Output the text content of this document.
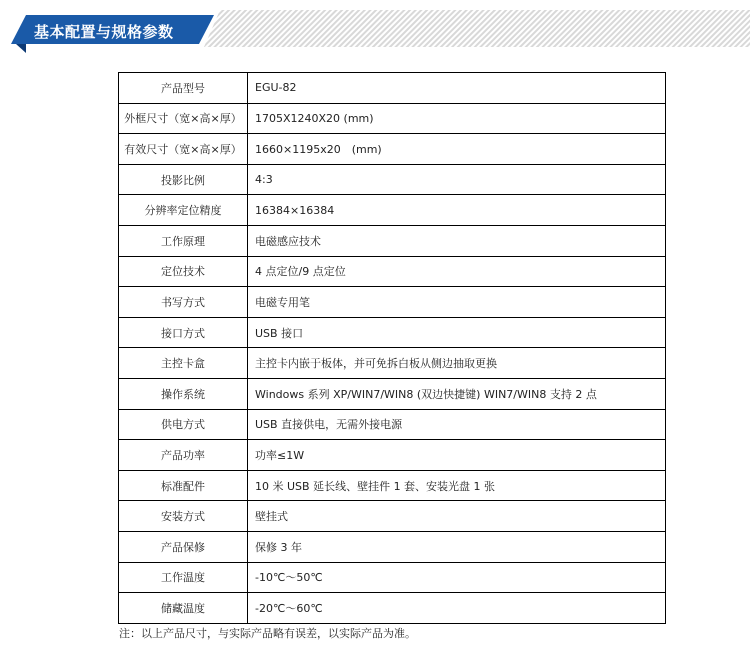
基本配置与规格参数
产品型号	EGU-82
外框尺寸（宽×高×厚）	1705X1240X20 (mm)
有效尺寸（宽×高×厚）	1660×1195x20　(mm)
投影比例	4:3
分辨率定位精度	16384×16384
工作原理	电磁感应技术
定位技术	4 点定位/9 点定位
书写方式	电磁专用笔
接口方式	USB 接口
主控卡盒	主控卡内嵌于板体，并可免拆白板从侧边抽取更换
操作系统	Windows 系列 XP/WIN7/WIN8 (双边快捷键) WIN7/WIN8 支持 2 点
供电方式	USB 直接供电，无需外接电源
产品功率	功率≤1W
标准配件	10 米 USB 延长线、壁挂件 1 套、安装光盘 1 张
安装方式	壁挂式
产品保修	保修 3 年
工作温度	-10℃～50℃
储藏温度	-20℃～60℃
注：以上产品尺寸，与实际产品略有误差，以实际产品为准。
